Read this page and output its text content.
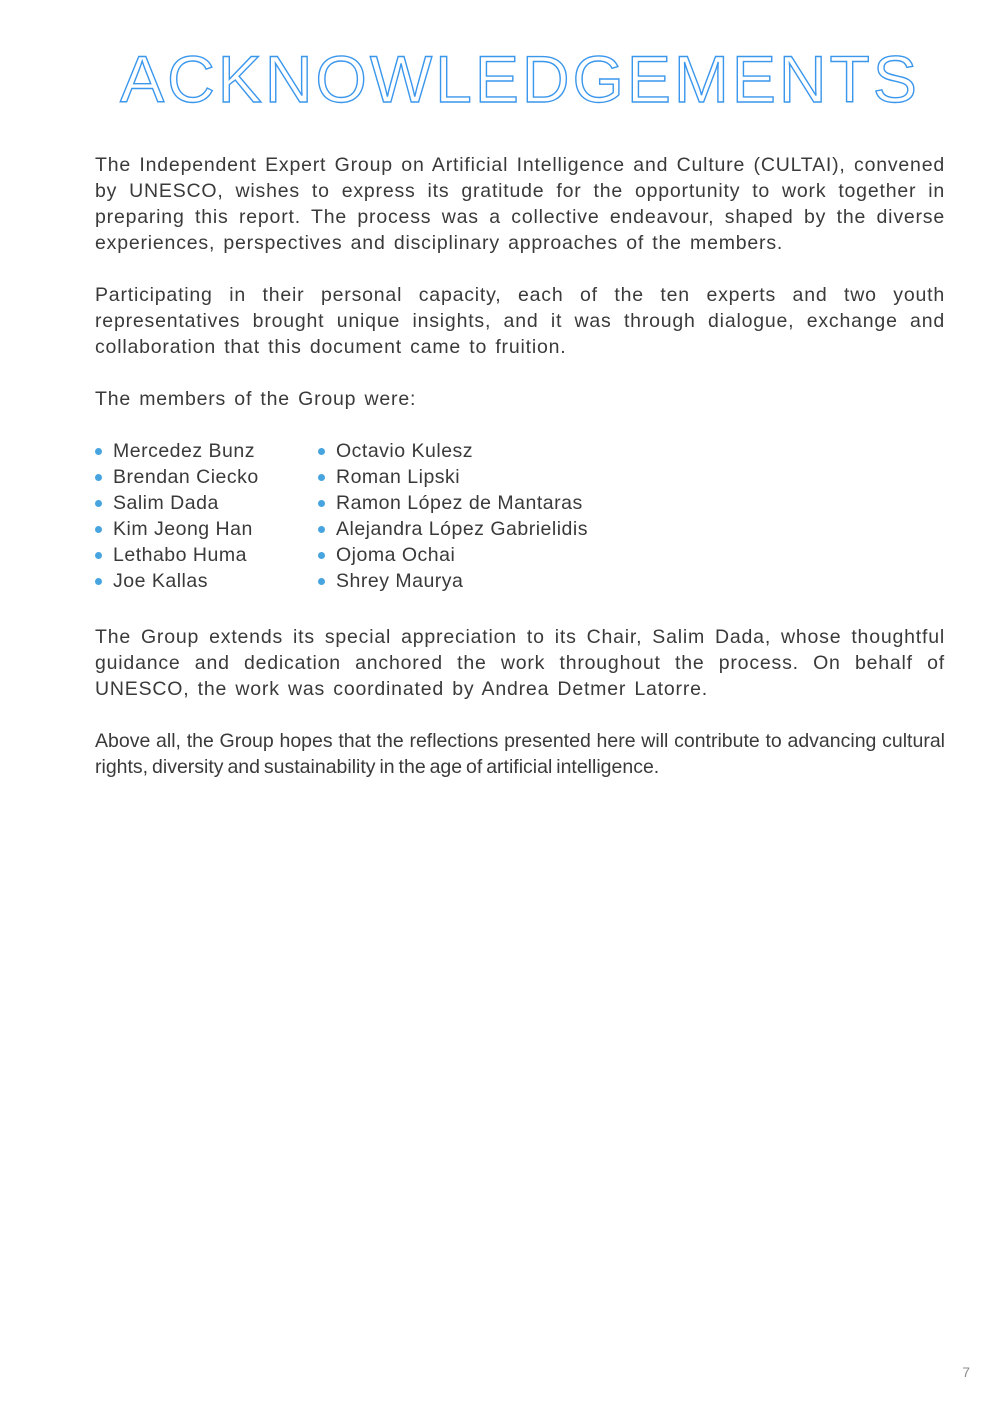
ACKNOWLEDGEMENTS

The Independent Expert Group on Artificial Intelligence and Culture (CULTAI), convened by UNESCO, wishes to express its gratitude for the opportunity to work together in preparing this report. The process was a collective endeavour, shaped by the diverse experiences, perspectives and disciplinary approaches of the members.

Participating in their personal capacity, each of the ten experts and two youth representatives brought unique insights, and it was through dialogue, exchange and collaboration that this document came to fruition.

The members of the Group were:

Mercedez Bunz
Brendan Ciecko
Salim Dada
Kim Jeong Han
Lethabo Huma
Joe Kallas
Octavio Kulesz
Roman Lipski
Ramon López de Mantaras
Alejandra López Gabrielidis
Ojoma Ochai
Shrey Maurya

The Group extends its special appreciation to its Chair, Salim Dada, whose thoughtful guidance and dedication anchored the work throughout the process. On behalf of UNESCO, the work was coordinated by Andrea Detmer Latorre.

Above all, the Group hopes that the reflections presented here will contribute to advancing cultural rights, diversity and sustainability in the age of artificial intelligence.

7
